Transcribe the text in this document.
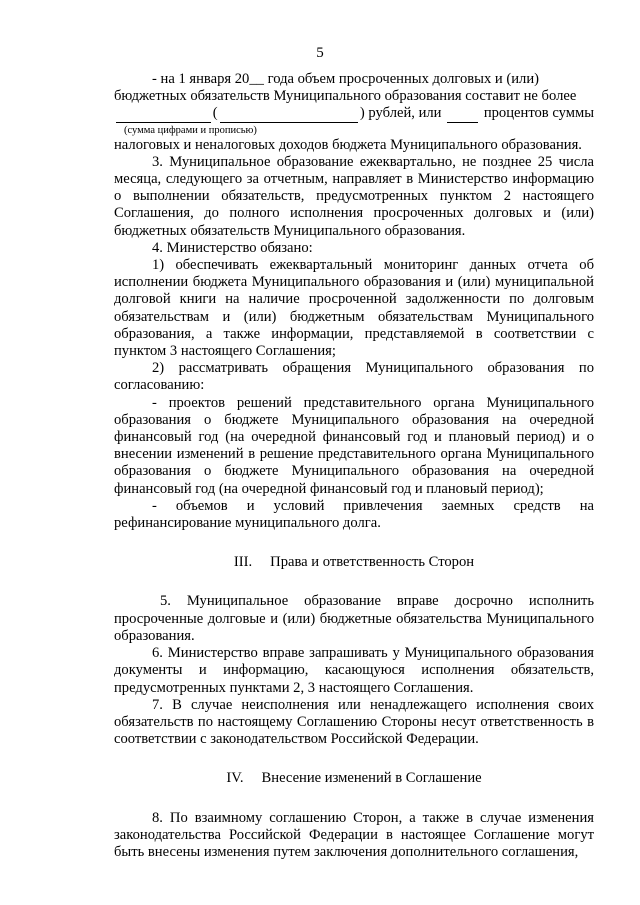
5

- на 1 января 20__ года объем просроченных долговых и (или)

бюджетных обязательств Муниципального образования составит не более

(	) рублей, или	процентов суммы
(сумма цифрами и прописью)

налоговых и неналоговых доходов бюджета Муниципального образования.

3. Муниципальное образование ежеквартально, не позднее 25 числа месяца, следующего за отчетным, направляет в Министерство информацию о выполнении обязательств, предусмотренных пунктом 2 настоящего Соглашения, до полного исполнения просроченных долговых и (или) бюджетных обязательств Муниципального образования.

4. Министерство обязано:

1) обеспечивать ежеквартальный мониторинг данных отчета об исполнении бюджета Муниципального образования и (или) муниципальной долговой книги на наличие просроченной задолженности по долговым обязательствам и (или) бюджетным обязательствам Муниципального образования, а также информации, представляемой в соответствии с пунктом 3 настоящего Соглашения;

2) рассматривать обращения Муниципального образования по согласованию:

- проектов решений представительного органа Муниципального образования о бюджете Муниципального образования на очередной финансовый год (на очередной финансовый год и плановый период) и о внесении изменений в решение представительного органа Муниципального образования о бюджете Муниципального образования на очередной финансовый год (на очередной финансовый год и плановый период);

- объемов и условий привлечения заемных средств на рефинансирование муниципального долга.

III. Права и ответственность Сторон

5. Муниципальное образование вправе досрочно исполнить просроченные долговые и (или) бюджетные обязательства Муниципального образования.

6. Министерство вправе запрашивать у Муниципального образования документы и информацию, касающуюся исполнения обязательств, предусмотренных пунктами 2, 3 настоящего Соглашения.

7. В случае неисполнения или ненадлежащего исполнения своих обязательств по настоящему Соглашению Стороны несут ответственность в соответствии с законодательством Российской Федерации.

IV. Внесение изменений в Соглашение

8. По взаимному соглашению Сторон, а также в случае изменения законодательства Российской Федерации в настоящее Соглашение могут быть внесены изменения путем заключения дополнительного соглашения,
